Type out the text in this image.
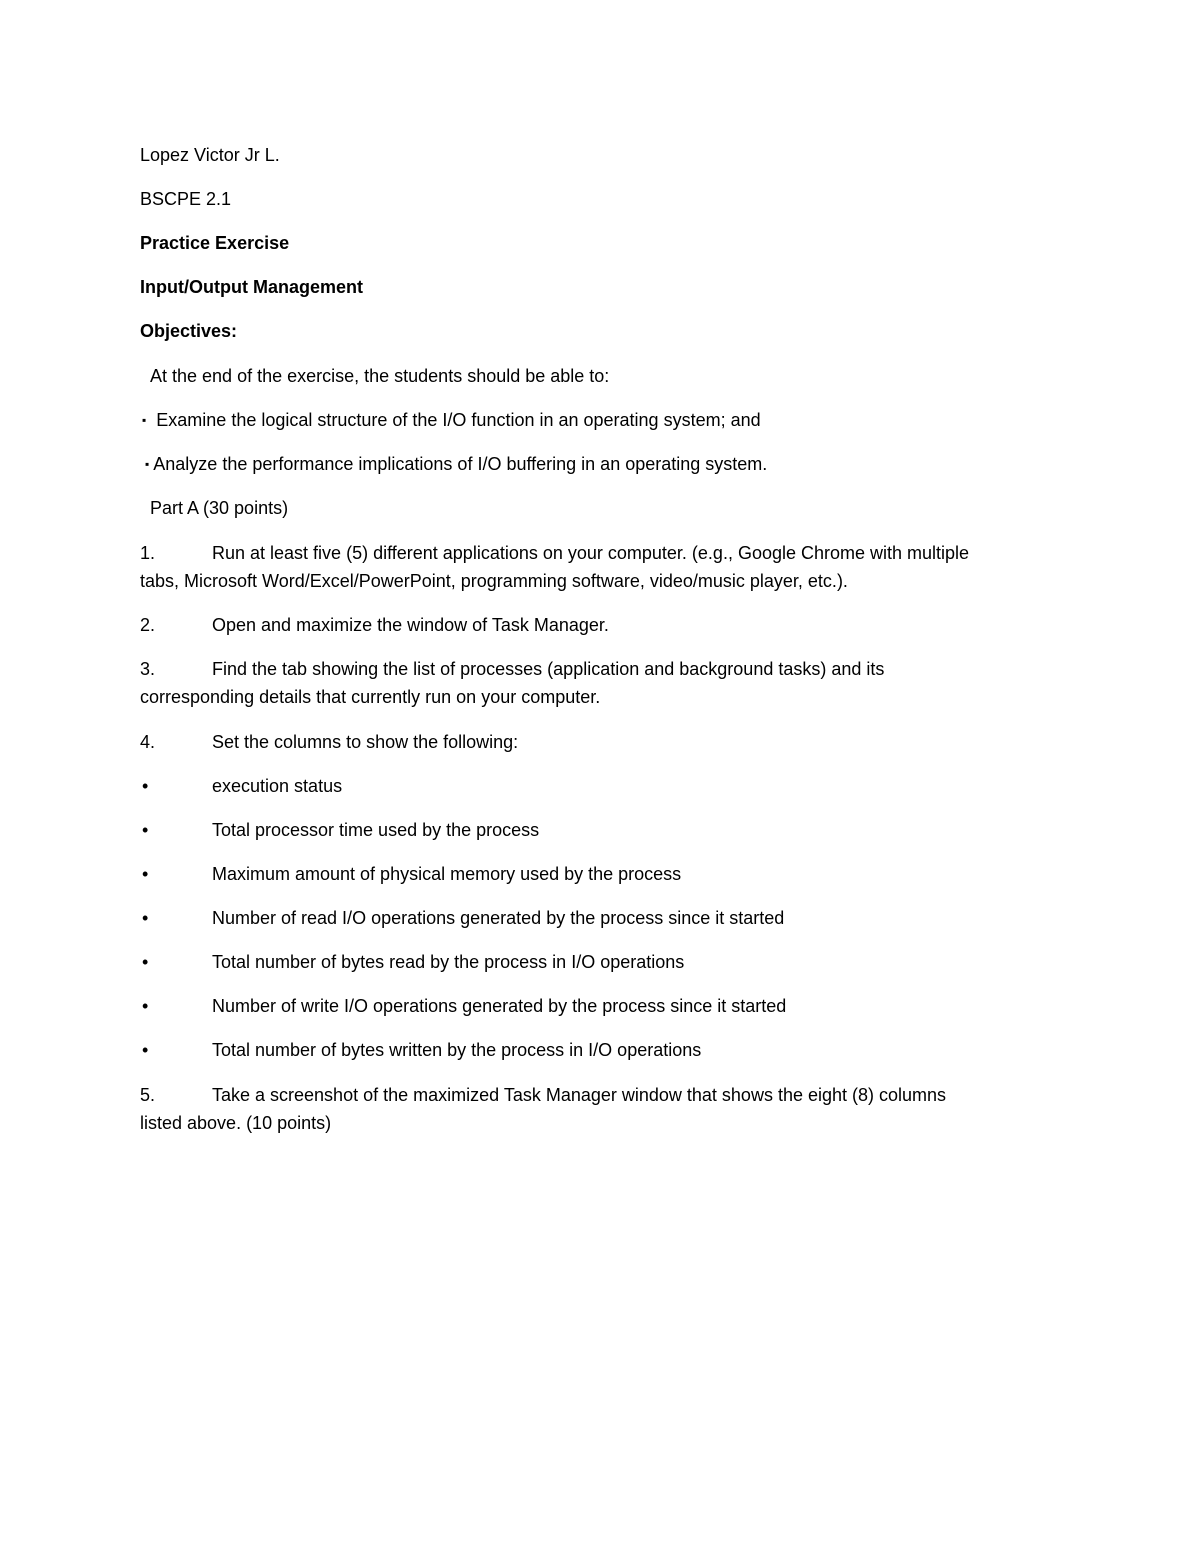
Lopez Victor Jr L.
BSCPE 2.1
Practice Exercise
Input/Output Management
Objectives:
At the end of the exercise, the students should be able to:
▪ Examine the logical structure of the I/O function in an operating system; and
▪ Analyze the performance implications of I/O buffering in an operating system.
Part A (30 points)
1.	Run at least five (5) different applications on your computer. (e.g., Google Chrome with multiple
tabs, Microsoft Word/Excel/PowerPoint, programming software, video/music player, etc.).
2.	Open and maximize the window of Task Manager.
3.	Find the tab showing the list of processes (application and background tasks) and its
corresponding details that currently run on your computer.
4.	Set the columns to show the following:
•	execution status
•	Total processor time used by the process
•	Maximum amount of physical memory used by the process
•	Number of read I/O operations generated by the process since it started
•	Total number of bytes read by the process in I/O operations
•	Number of write I/O operations generated by the process since it started
•	Total number of bytes written by the process in I/O operations
5.	Take a screenshot of the maximized Task Manager window that shows the eight (8) columns
listed above. (10 points)
